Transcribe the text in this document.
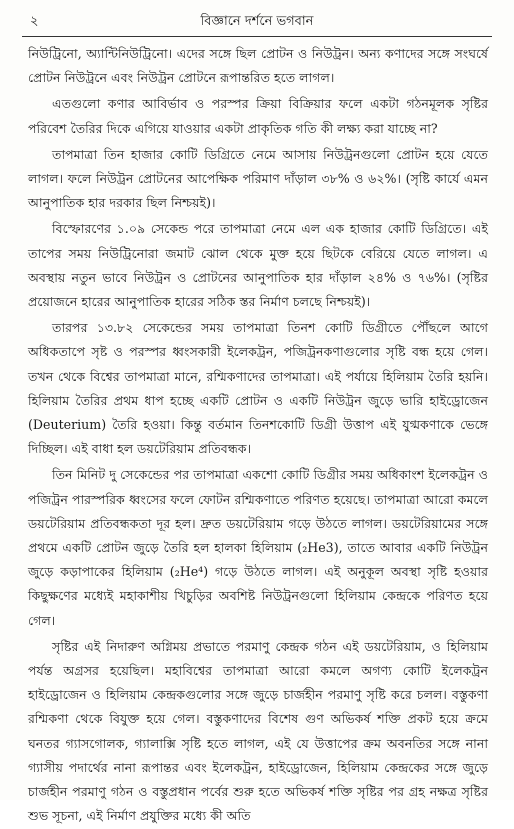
২	বিজ্ঞানে দর্শনে ভগবান

নিউট্রিনো, অ্যান্টিনিউট্রিনো। এদের সঙ্গে ছিল প্রোটন ও নিউট্রন। অন্য কণাদের সঙ্গে সংঘর্ষে প্রোটন নিউট্রনে এবং নিউট্রন প্রোটনে রূপান্তরিত হতে লাগল।

এতগুলো কণার আবির্ভাব ও পরস্পর ক্রিয়া বিক্রিয়ার ফলে একটা গঠনমূলক সৃষ্টির পরিবেশ তৈরির দিকে এগিয়ে যাওয়ার একটা প্রাকৃতিক গতি কী লক্ষ্য করা যাচ্ছে না?

তাপমাত্রা তিন হাজার কোটি ডিগ্রিতে নেমে আসায় নিউট্রনগুলো প্রোটন হয়ে যেতে লাগল। ফলে নিউট্রন প্রোটনের আপেক্ষিক পরিমাণ দাঁড়াল ৩৮% ও ৬২%। (সৃষ্টি কার্যে এমন আনুপাতিক হার দরকার ছিল নিশ্চয়ই)।

বিস্ফোরণের ১.০৯ সেকেন্ড পরে তাপমাত্রা নেমে এল এক হাজার কোটি ডিগ্রিতে। এই তাপের সময় নিউট্রিনোরা জমাট ঝোল থেকে মুক্ত হয়ে ছিটকে বেরিয়ে যেতে লাগল। এ অবস্থায় নতুন ভাবে নিউট্রন ও প্রোটনের আনুপাতিক হার দাঁড়াল ২৪% ও ৭৬%। (সৃষ্টির প্রয়োজনে হারের আনুপাতিক হারের সঠিক স্তর নির্মাণ চলছে নিশ্চয়ই)।

তারপর ১৩.৮২ সেকেন্ডের সময় তাপমাত্রা তিনশ কোটি ডিগ্রীতে পৌঁছলে আগে অধিকতাপে সৃষ্ট ও পরস্পর ধ্বংসকারী ইলেকট্রন, পজিট্রনকণাগুলোর সৃষ্টি বন্ধ হয়ে গেল। তখন থেকে বিশ্বের তাপমাত্রা মানে, রশ্মিকণাদের তাপমাত্রা। এই পর্যায়ে হিলিয়াম তৈরি হয়নি। হিলিয়াম তৈরির প্রথম ধাপ হচ্ছে একটি প্রোটন ও একটি নিউট্রন জুড়ে ভারি হাইড্রোজেন (Deuterium) তৈরি হওয়া। কিন্তু বর্তমান তিনশকোটি ডিগ্রী উত্তাপ এই যুগ্মকণাকে ভেঙ্গে দিচ্ছিল। এই বাধা হল ডয়টেরিয়াম প্রতিবন্ধক।

তিন মিনিট দু সেকেন্ডের পর তাপমাত্রা একশো কোটি ডিগ্রীর সময় অধিকাংশ ইলেকট্রন ও পজিট্রন পারস্পরিক ধ্বংসের ফলে ফোটন রশ্মিকণাতে পরিণত হয়েছে। তাপমাত্রা আরো কমলে ডয়টেরিয়াম প্রতিবন্ধকতা দূর হল। দ্রুত ডয়টেরিয়াম গড়ে উঠতে লাগল। ডয়টেরিয়ামের সঙ্গে প্রথমে একটি প্রোটন জুড়ে তৈরি হল হালকা হিলিয়াম (₂He3), তাতে আবার একটি নিউট্রন জুড়ে কড়াপাকের হিলিয়াম (₂He⁴) গড়ে উঠতে লাগল। এই অনুকূল অবস্থা সৃষ্টি হওয়ার কিছুক্ষণের মধ্যেই মহাকাশীয় খিচুড়ির অবশিষ্ট নিউট্রনগুলো হিলিয়াম কেন্দ্রকে পরিণত হয়ে গেল।

সৃষ্টির এই নিদারুণ অগ্নিময় প্রভাতে পরমাণু কেন্দ্রক গঠন এই ডয়টেরিয়াম, ও হিলিয়াম পর্যন্ত অগ্রসর হয়েছিল। মহাবিশ্বের তাপমাত্রা আরো কমলে অগণ্য কোটি ইলেকট্রন হাইড্রোজেন ও হিলিয়াম কেন্দ্রকগুলোর সঙ্গে জুড়ে চার্জহীন পরমাণু সৃষ্টি করে চলল। বস্তুকণা রশ্মিকণা থেকে বিযুক্ত হয়ে গেল। বস্তুকণাদের বিশেষ গুণ অভিকর্ষ শক্তি প্রকট হয়ে ক্রমে ঘনতর গ্যাসগোলক, গ্যালাক্সি সৃষ্টি হতে লাগল, এই যে উত্তাপের ক্রম অবনতির সঙ্গে নানা গ্যাসীয় পদার্থের নানা রূপান্তর এবং ইলেকট্রন, হাইড্রোজেন, হিলিয়াম কেন্দ্রকের সঙ্গে জুড়ে চার্জহীন পরমাণু গঠন ও বস্তুপ্রধান পর্বের শুরু হতে অভিকর্ষ শক্তি সৃষ্টির পর গ্রহ নক্ষত্র সৃষ্টির শুভ সূচনা, এই নির্মাণ প্রযুক্তির মধ্যে কী অতি
